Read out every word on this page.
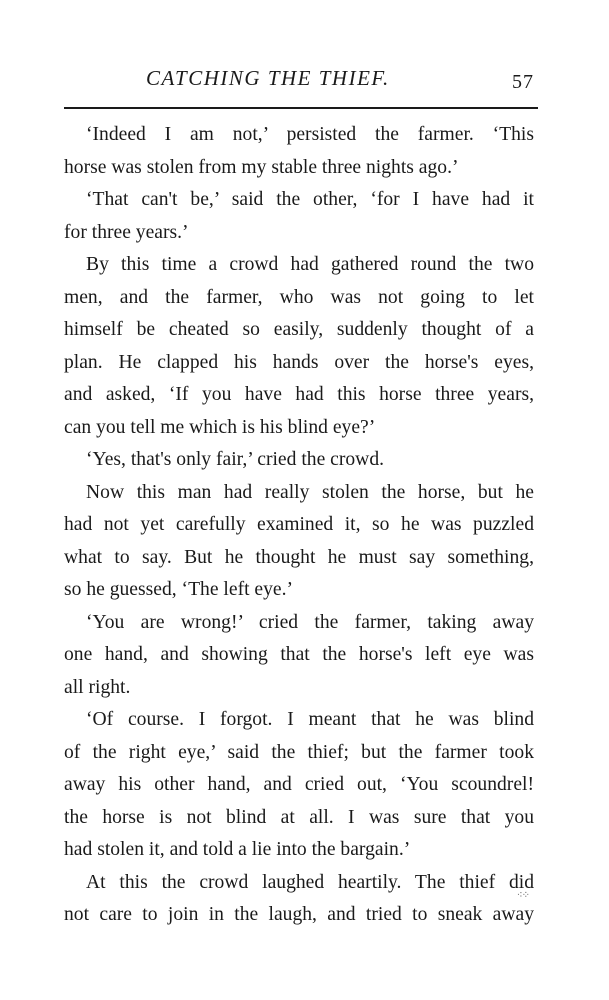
CATCHING THE THIEF.	57
‘Indeed I am not,’ persisted the farmer. ‘This
horse was stolen from my stable three nights ago.’
‘That can't be,’ said the other, ‘for I have had it
for three years.’
By this time a crowd had gathered round the two
men, and the farmer, who was not going to let
himself be cheated so easily, suddenly thought of a
plan. He clapped his hands over the horse's eyes,
and asked, ‘If you have had this horse three years,
can you tell me which is his blind eye?’
‘Yes, that's only fair,’ cried the crowd.
Now this man had really stolen the horse, but he
had not yet carefully examined it, so he was puzzled
what to say. But he thought he must say something,
so he guessed, ‘The left eye.’
‘You are wrong!’ cried the farmer, taking away
one hand, and showing that the horse's left eye was
all right.
‘Of course. I forgot. I meant that he was blind
of the right eye,’ said the thief; but the farmer took
away his other hand, and cried out, ‘You scoundrel!
the horse is not blind at all. I was sure that you
had stolen it, and told a lie into the bargain.’
At this the crowd laughed heartily. The thief did
not care to join in the laugh, and tried to sneak away
⁖⁘
